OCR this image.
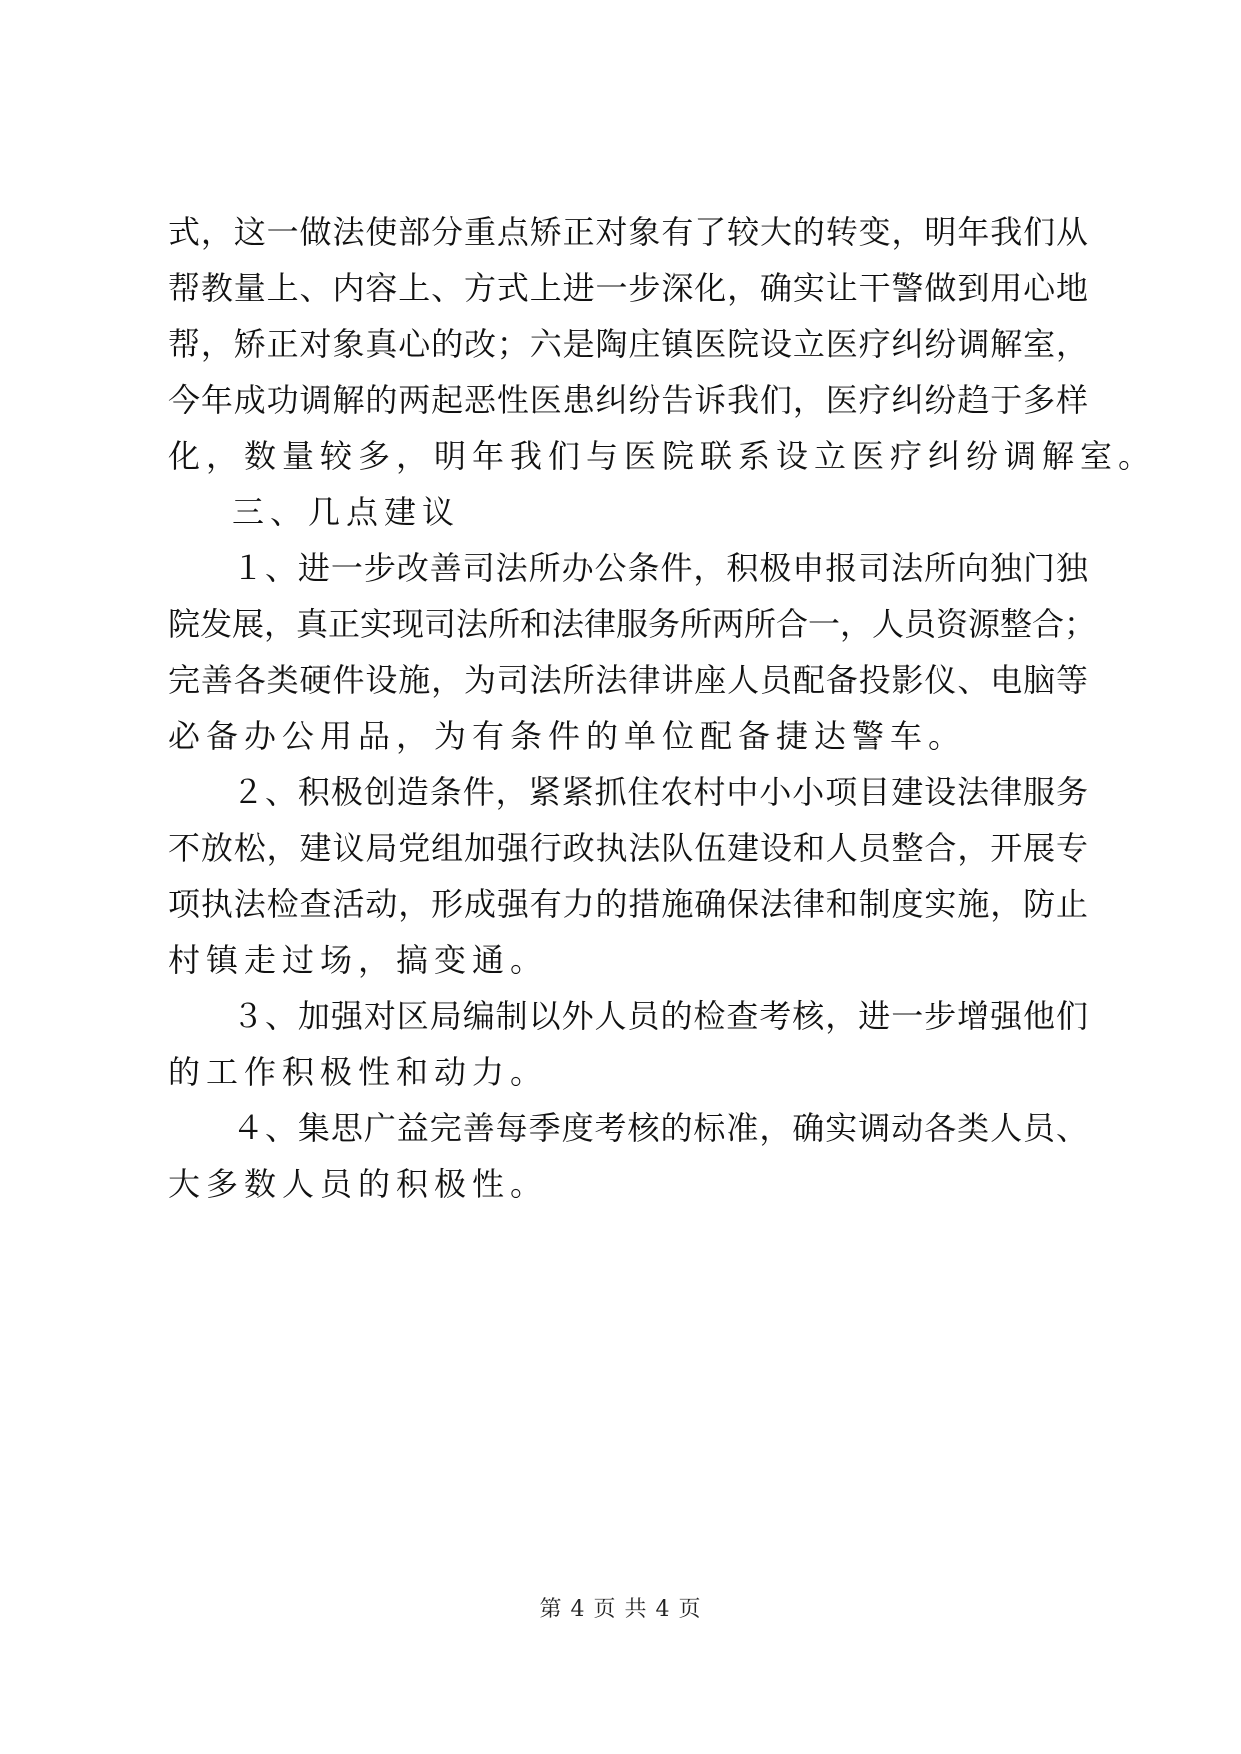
式，这一做法使部分重点矫正对象有了较大的转变，明年我们从
帮教量上、内容上、方式上进一步深化，确实让干警做到用心地
帮，矫正对象真心的改；六是陶庄镇医院设立医疗纠纷调解室，
今年成功调解的两起恶性医患纠纷告诉我们，医疗纠纷趋于多样
化，数量较多，明年我们与医院联系设立医疗纠纷调解室。
三、几点建议
１、进一步改善司法所办公条件，积极申报司法所向独门独
院发展，真正实现司法所和法律服务所两所合一，人员资源整合；
完善各类硬件设施，为司法所法律讲座人员配备投影仪、电脑等
必备办公用品，为有条件的单位配备捷达警车。
２、积极创造条件，紧紧抓住农村中小小项目建设法律服务
不放松，建议局党组加强行政执法队伍建设和人员整合，开展专
项执法检查活动，形成强有力的措施确保法律和制度实施，防止
村镇走过场，搞变通。
３、加强对区局编制以外人员的检查考核，进一步增强他们
的工作积极性和动力。
４、集思广益完善每季度考核的标准，确实调动各类人员、
大多数人员的积极性。
第 4 页 共 4 页
